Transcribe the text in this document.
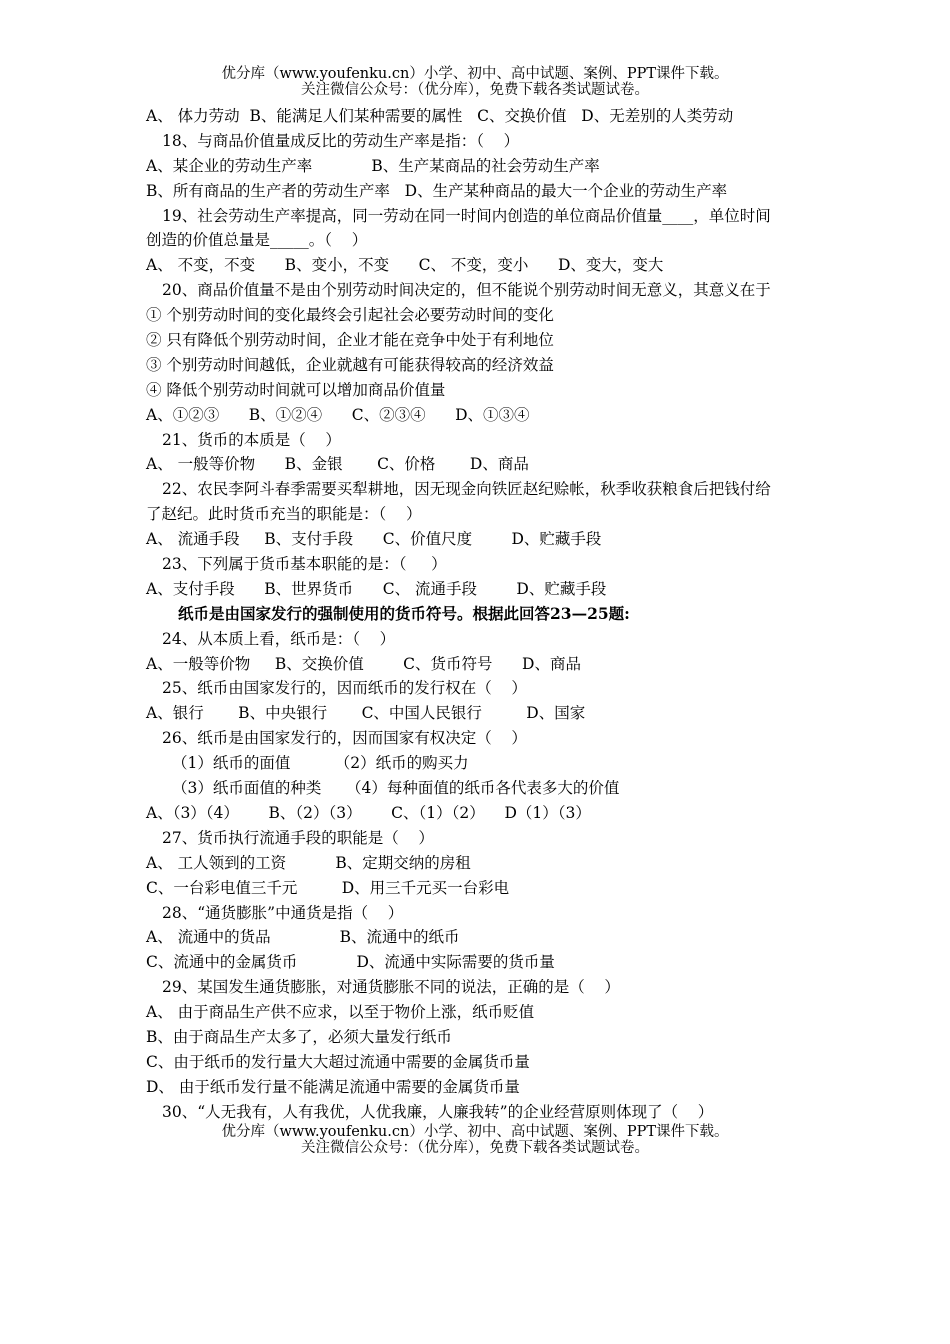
优分库（www.youfenku.cn）小学、初中、高中试题、案例、PPT课件下载。
关注微信公众号：（优分库），免费下载各类试题试卷。
A、 体力劳动  B、能满足人们某种需要的属性   C、交换价值   D、无差别的人类劳动
18、与商品价值量成反比的劳动生产率是指：（    ）
A、某企业的劳动生产率            B、生产某商品的社会劳动生产率
B、所有商品的生产者的劳动生产率   D、生产某种商品的最大一个企业的劳动生产率
19、社会劳动生产率提高，同一劳动在同一时间内创造的单位商品价值量____，单位时间
创造的价值总量是_____。（    ）
A、 不变，不变      B、变小，不变      C、 不变，变小      D、变大，变大
20、商品价值量不是由个别劳动时间决定的，但不能说个别劳动时间无意义，其意义在于
① 个别劳动时间的变化最终会引起社会必要劳动时间的变化
② 只有降低个别劳动时间，企业才能在竞争中处于有利地位
③ 个别劳动时间越低，企业就越有可能获得较高的经济效益
④ 降低个别劳动时间就可以增加商品价值量
A、①②③      B、①②④      C、②③④      D、①③④
21、货币的本质是（    ）
A、 一般等价物      B、金银       C、价格       D、商品
22、农民李阿斗春季需要买犁耕地，因无现金向铁匠赵纪赊帐，秋季收获粮食后把钱付给
了赵纪。此时货币充当的职能是：（    ）
A、 流通手段     B、支付手段      C、价值尺度        D、贮藏手段
23、下列属于货币基本职能的是：（     ）
A、支付手段      B、世界货币      C、 流通手段        D、贮藏手段
纸币是由国家发行的强制使用的货币符号。根据此回答23—25题:
24、从本质上看，纸币是：（    ）
A、一般等价物     B、交换价值        C、货币符号      D、商品
25、纸币由国家发行的，因而纸币的发行权在（    ）
A、银行       B、中央银行       C、中国人民银行         D、国家
26、纸币是由国家发行的，因而国家有权决定（    ）
（1）纸币的面值         （2）纸币的购买力
（3）纸币面值的种类     （4）每种面值的纸币各代表多大的价值
A、（3）（4）      B、（2）（3）      C、（1）（2）    D（1）（3）
27、货币执行流通手段的职能是（    ）
A、 工人领到的工资          B、定期交纳的房租
C、一台彩电值三千元         D、用三千元买一台彩电
28、“通货膨胀”中通货是指（    ）
A、 流通中的货品              B、流通中的纸币
C、流通中的金属货币            D、流通中实际需要的货币量
29、某国发生通货膨胀，对通货膨胀不同的说法，正确的是（    ）
A、 由于商品生产供不应求，以至于物价上涨，纸币贬值
B、由于商品生产太多了，必须大量发行纸币
C、由于纸币的发行量大大超过流通中需要的金属货币量
D、 由于纸币发行量不能满足流通中需要的金属货币量
30、“人无我有，人有我优，人优我廉，人廉我转”的企业经营原则体现了（    ）
优分库（www.youfenku.cn）小学、初中、高中试题、案例、PPT课件下载。
关注微信公众号：（优分库），免费下载各类试题试卷。
